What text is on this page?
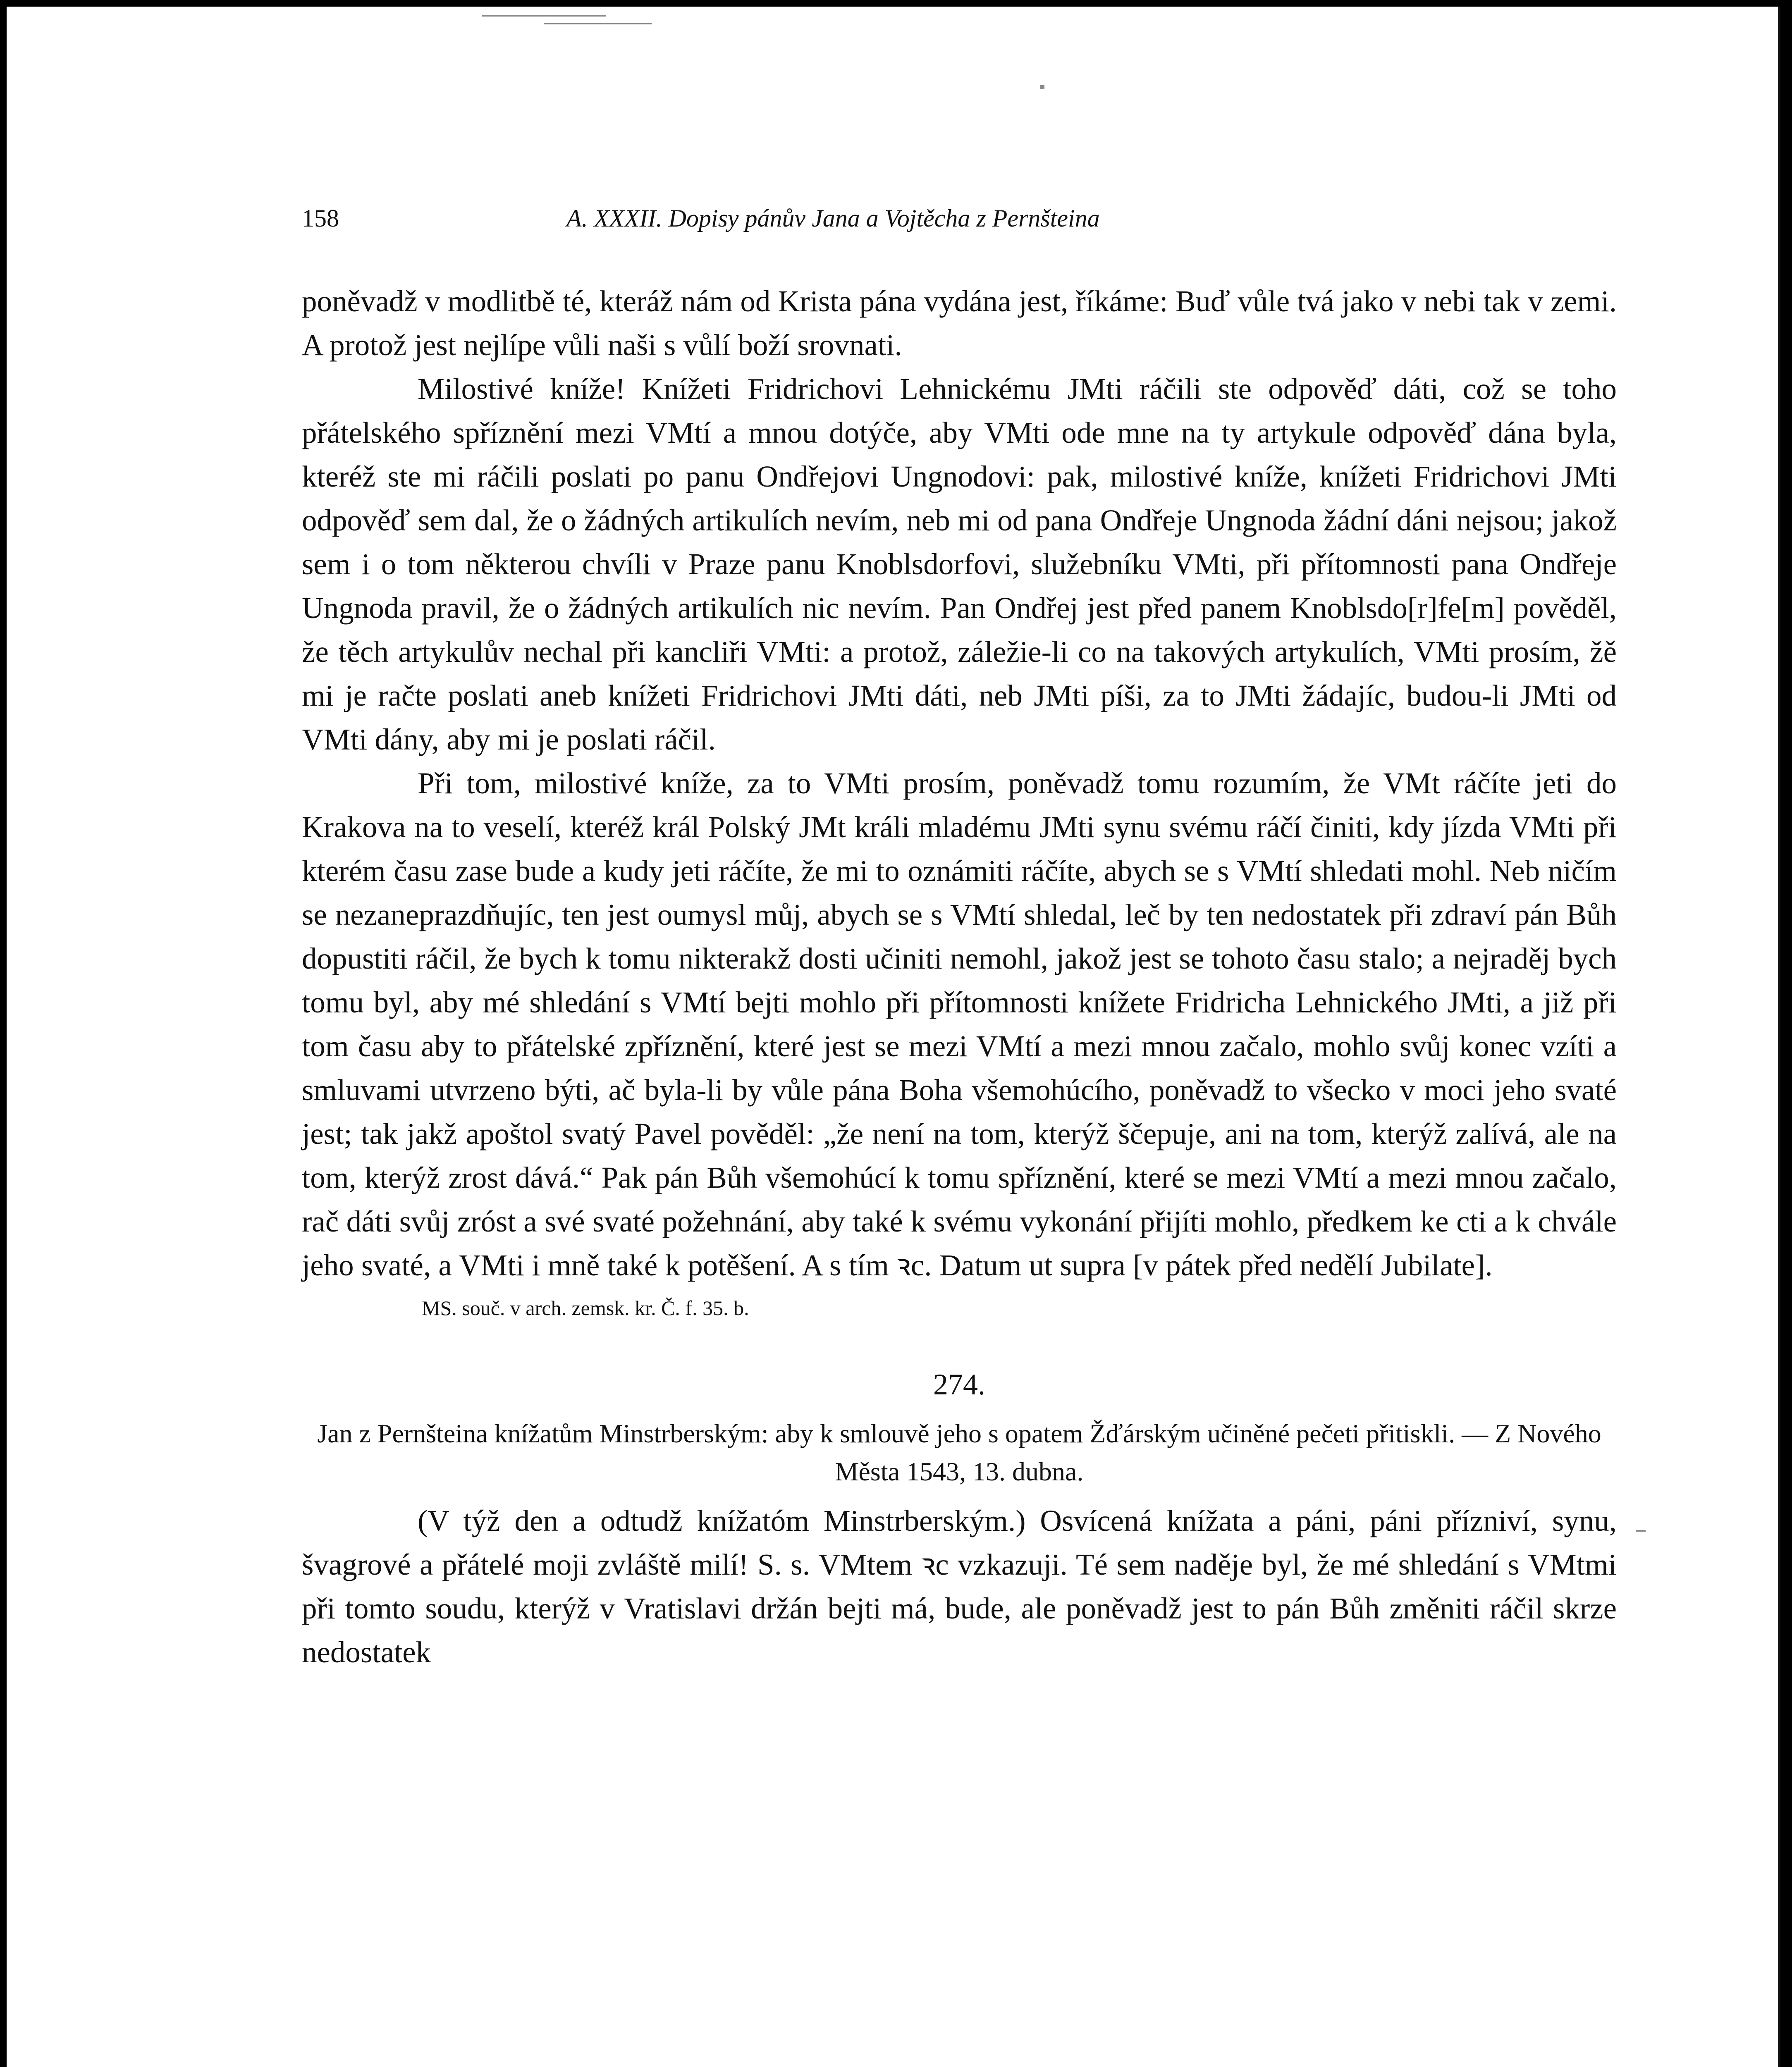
158	A. XXXII. Dopisy pánův Jana a Vojtěcha z Pernšteina

poněvadž v modlitbě té, kteráž nám od Krista pána vydána jest, říkáme: Buď vůle tvá jako v nebi tak v zemi. A protož jest nejlípe vůli naši s vůlí boží srovnati.

Milostivé kníže! Knížeti Fridrichovi Lehnickému JMti ráčili ste odpověď dáti, což se toho přátelského spříznění mezi VMtí a mnou dotýče, aby VMti ode mne na ty artykule odpověď dána byla, kteréž ste mi ráčili poslati po panu Ondřejovi Ungnodovi: pak, milostivé kníže, knížeti Fridrichovi JMti odpověď sem dal, že o žádných artikulích nevím, neb mi od pana Ondřeje Ungnoda žádní dáni nejsou; jakož sem i o tom některou chvíli v Praze panu Knoblsdorfovi, služebníku VMti, při přítomnosti pana Ondřeje Ungnoda pravil, že o žádných artikulích nic nevím. Pan Ondřej jest před panem Knoblsdo[r]fe[m] pověděl, že těch artykulův nechal při kancliři VMti: a protož, záležie-li co na takových artykulích, VMti prosím, žě mi je račte poslati aneb knížeti Fridrichovi JMti dáti, neb JMti píši, za to JMti žádajíc, budou-li JMti od VMti dány, aby mi je poslati ráčil.

Při tom, milostivé kníže, za to VMti prosím, poněvadž tomu rozumím, že VMt ráčíte jeti do Krakova na to veselí, kteréž král Polský JMt králi mladému JMti synu svému ráčí činiti, kdy jízda VMti při kterém času zase bude a kudy jeti ráčíte, že mi to oznámiti ráčíte, abych se s VMtí shledati mohl. Neb ničím se nezaneprazdňujíc, ten jest oumysl můj, abych se s VMtí shledal, leč by ten nedostatek při zdraví pán Bůh dopustiti ráčil, že bych k tomu nikterakž dosti učiniti nemohl, jakož jest se tohoto času stalo; a nejraděj bych tomu byl, aby mé shledání s VMtí bejti mohlo při přítomnosti knížete Fridricha Lehnického JMti, a již při tom času aby to přátelské zpříznění, které jest se mezi VMtí a mezi mnou začalo, mohlo svůj konec vzíti a smluvami utvrzeno býti, ač byla-li by vůle pána Boha všemohúcího, poněvadž to všecko v moci jeho svaté jest; tak jakž apoštol svatý Pavel pověděl: „že není na tom, kterýž ščepuje, ani na tom, kterýž zalívá, ale na tom, kterýž zrost dává.“ Pak pán Bůh všemohúcí k tomu spříznění, které se mezi VMtí a mezi mnou začalo, rač dáti svůj zróst a své svaté požehnání, aby také k svému vykonání přijíti mohlo, předkem ke cti a k chvále jeho svaté, a VMti i mně také k potěšení. A s tím ꝛc. Datum ut supra [v pátek před nedělí Jubilate].

MS. souč. v arch. zemsk. kr. Č. f. 35. b.
274.
Jan z Pernšteina knížatům Minstrberským: aby k smlouvě jeho s opatem Žďárským učiněné pečeti přitiskli. — Z Nového Města 1543, 13. dubna.

(V týž den a odtudž knížatóm Minstrberským.) Osvícená knížata a páni, páni přízniví, synu, švagrové a přátelé moji zvláště milí! S. s. VMtem ꝛc vzkazuji. Té sem naděje byl, že mé shledání s VMtmi při tomto soudu, kterýž v Vratislavi držán bejti má, bude, ale poněvadž jest to pán Bůh změniti ráčil skrze nedostatek
